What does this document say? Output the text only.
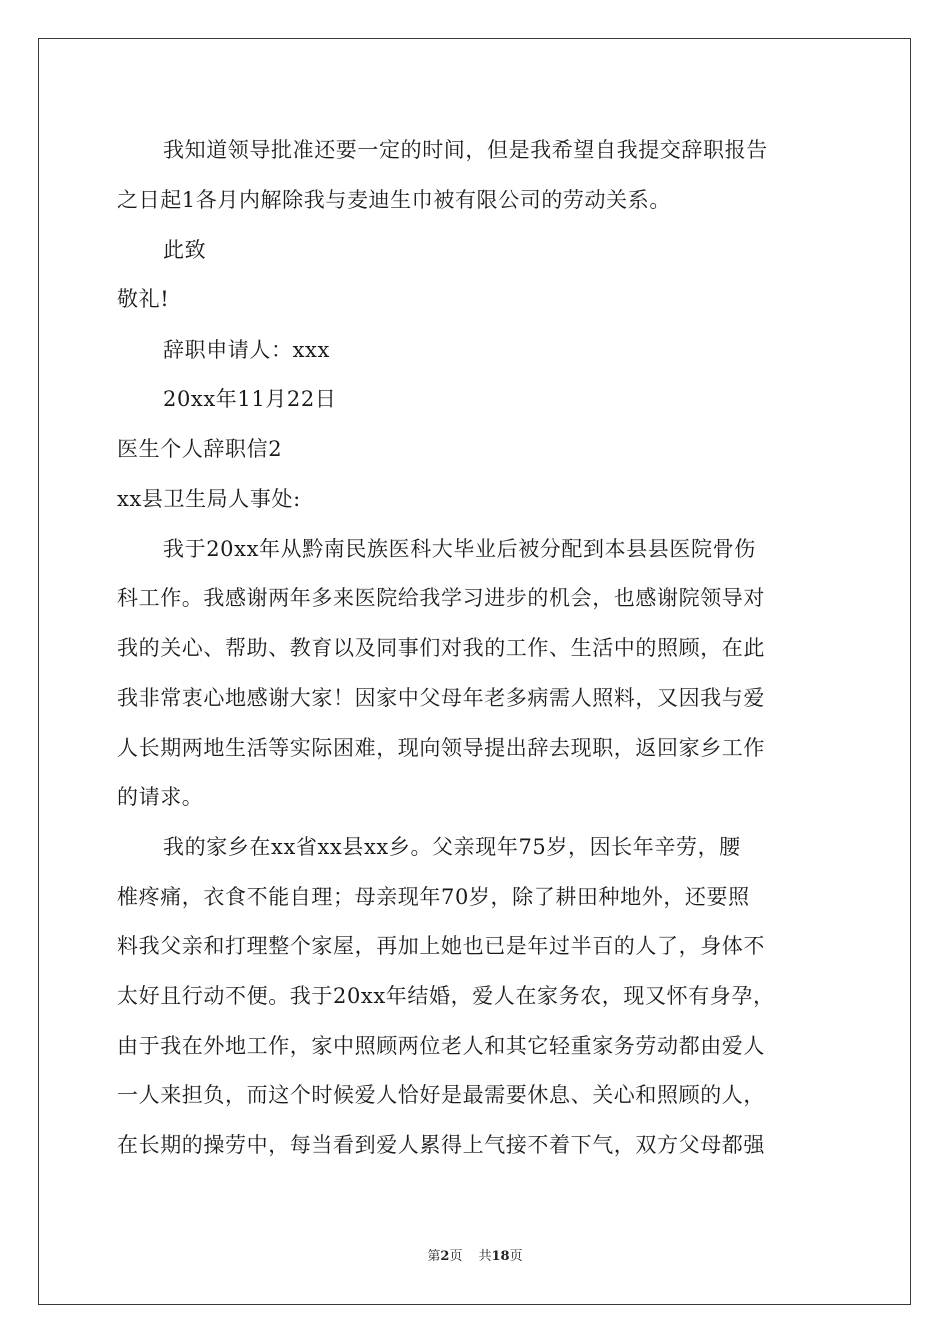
我知道领导批准还要一定的时间，但是我希望自我提交辞职报告
之日起1各月内解除我与麦迪生巾被有限公司的劳动关系。
此致
敬礼!
辞职申请人：xxx
20xx年11月22日
医生个人辞职信2
xx县卫生局人事处:
我于20xx年从黔南民族医科大毕业后被分配到本县县医院骨伤
科工作。我感谢两年多来医院给我学习进步的机会，也感谢院领导对
我的关心、帮助、教育以及同事们对我的工作、生活中的照顾，在此
我非常衷心地感谢大家！因家中父母年老多病需人照料，又因我与爱
人长期两地生活等实际困难，现向领导提出辞去现职，返回家乡工作
的请求。
我的家乡在xx省xx县xx乡。父亲现年75岁，因长年辛劳，腰
椎疼痛，衣食不能自理；母亲现年70岁，除了耕田种地外，还要照
料我父亲和打理整个家屋，再加上她也已是年过半百的人了，身体不
太好且行动不便。我于20xx年结婚，爱人在家务农，现又怀有身孕，
由于我在外地工作，家中照顾两位老人和其它轻重家务劳动都由爱人
一人来担负，而这个时候爱人恰好是最需要休息、关心和照顾的人，
在长期的操劳中，每当看到爱人累得上气接不着下气，双方父母都强
第2页 共18页
